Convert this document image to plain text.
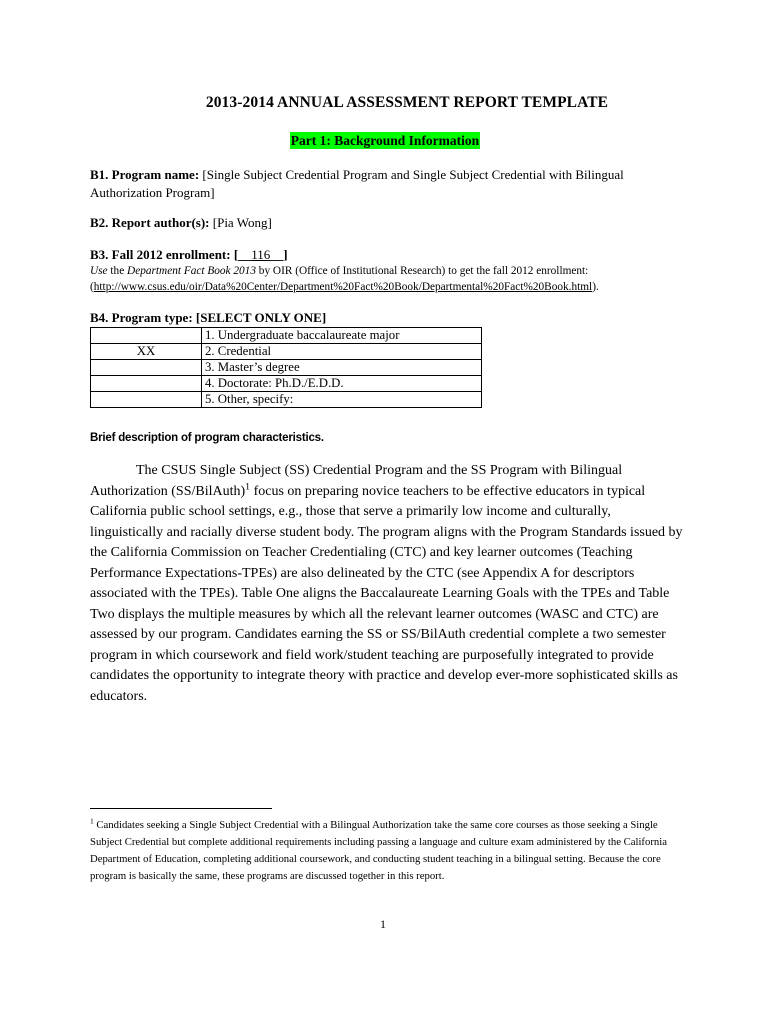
2013-2014 ANNUAL ASSESSMENT REPORT TEMPLATE
Part 1: Background Information
B1. Program name: [Single Subject Credential Program and Single Subject Credential with Bilingual Authorization Program]
B2. Report author(s): [Pia Wong]
B3. Fall 2012 enrollment: [__116__]
Use the Department Fact Book 2013 by OIR (Office of Institutional Research) to get the fall 2012 enrollment:
(http://www.csus.edu/oir/Data%20Center/Department%20Fact%20Book/Departmental%20Fact%20Book.html).
B4. Program type: [SELECT ONLY ONE]
	1. Undergraduate baccalaureate major
XX	2. Credential
	3. Master’s degree
	4. Doctorate: Ph.D./E.D.D.
	5. Other, specify:
Brief description of program characteristics.
The CSUS Single Subject (SS) Credential Program and the SS Program with Bilingual Authorization (SS/BilAuth)$^1$ focus on preparing novice teachers to be effective educators in typical California public school settings, e.g., those that serve a primarily low income and culturally, linguistically and racially diverse student body. The program aligns with the Program Standards issued by the California Commission on Teacher Credentialing (CTC) and key learner outcomes (Teaching Performance Expectations-TPEs) are also delineated by the CTC (see Appendix A for descriptors associated with the TPEs). Table One aligns the Baccalaureate Learning Goals with the TPEs and Table Two displays the multiple measures by which all the relevant learner outcomes (WASC and CTC) are assessed by our program. Candidates earning the SS or SS/BilAuth credential complete a two semester program in which coursework and field work/student teaching are purposefully integrated to provide candidates the opportunity to integrate theory with practice and develop ever-more sophisticated skills as educators.
$^1$ Candidates seeking a Single Subject Credential with a Bilingual Authorization take the same core courses as those seeking a Single Subject Credential but complete additional requirements including passing a language and culture exam administered by the California Department of Education, completing additional coursework, and conducting student teaching in a bilingual setting. Because the core program is basically the same, these programs are discussed together in this report.
1
